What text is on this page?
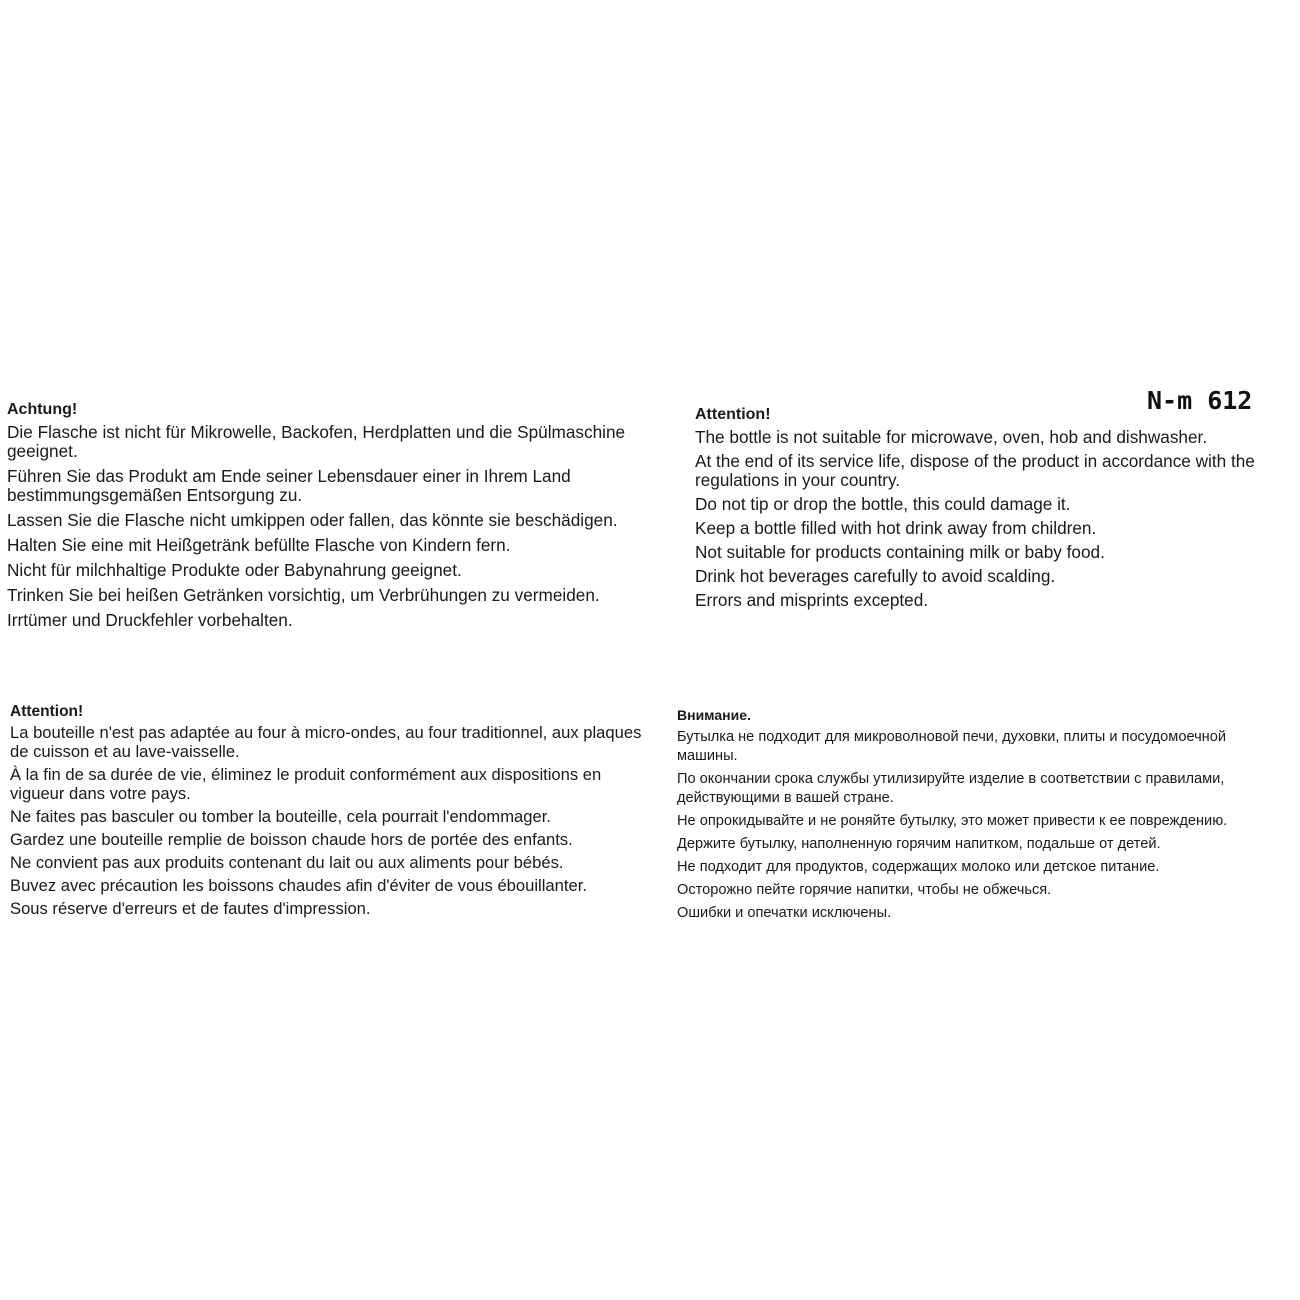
N-m 612

Achtung!

Die Flasche ist nicht für Mikrowelle, Backofen, Herdplatten und die Spülmaschine geeignet.

Führen Sie das Produkt am Ende seiner Lebensdauer einer in Ihrem Land bestimmungsgemäßen Entsorgung zu.

Lassen Sie die Flasche nicht umkippen oder fallen, das könnte sie beschädigen.

Halten Sie eine mit Heißgetränk befüllte Flasche von Kindern fern.

Nicht für milchhaltige Produkte oder Babynahrung geeignet.

Trinken Sie bei heißen Getränken vorsichtig, um Verbrühungen zu vermeiden.

Irrtümer und Druckfehler vorbehalten.

Attention!

The bottle is not suitable for microwave, oven, hob and dishwasher.

At the end of its service life, dispose of the product in accordance with the regulations in your country.

Do not tip or drop the bottle, this could damage it.

Keep a bottle filled with hot drink away from children.

Not suitable for products containing milk or baby food.

Drink hot beverages carefully to avoid scalding.

Errors and misprints excepted.

Attention!

La bouteille n'est pas adaptée au four à micro-ondes, au four traditionnel, aux plaques de cuisson et au lave-vaisselle.

À la fin de sa durée de vie, éliminez le produit conformément aux dispositions en vigueur dans votre pays.

Ne faites pas basculer ou tomber la bouteille, cela pourrait l'endommager.

Gardez une bouteille remplie de boisson chaude hors de portée des enfants.

Ne convient pas aux produits contenant du lait ou aux aliments pour bébés.

Buvez avec précaution les boissons chaudes afin d'éviter de vous ébouillanter.

Sous réserve d'erreurs et de fautes d'impression.

Внимание.

Бутылка не подходит для микроволновой печи, духовки, плиты и посудомоечной машины.

По окончании срока службы утилизируйте изделие в соответствии с правилами, действующими в вашей стране.

Не опрокидывайте и не роняйте бутылку, это может привести к ее повреждению.

Держите бутылку, наполненную горячим напитком, подальше от детей.

Не подходит для продуктов, содержащих молоко или детское питание.

Осторожно пейте горячие напитки, чтобы не обжечься.

Ошибки и опечатки исключены.
